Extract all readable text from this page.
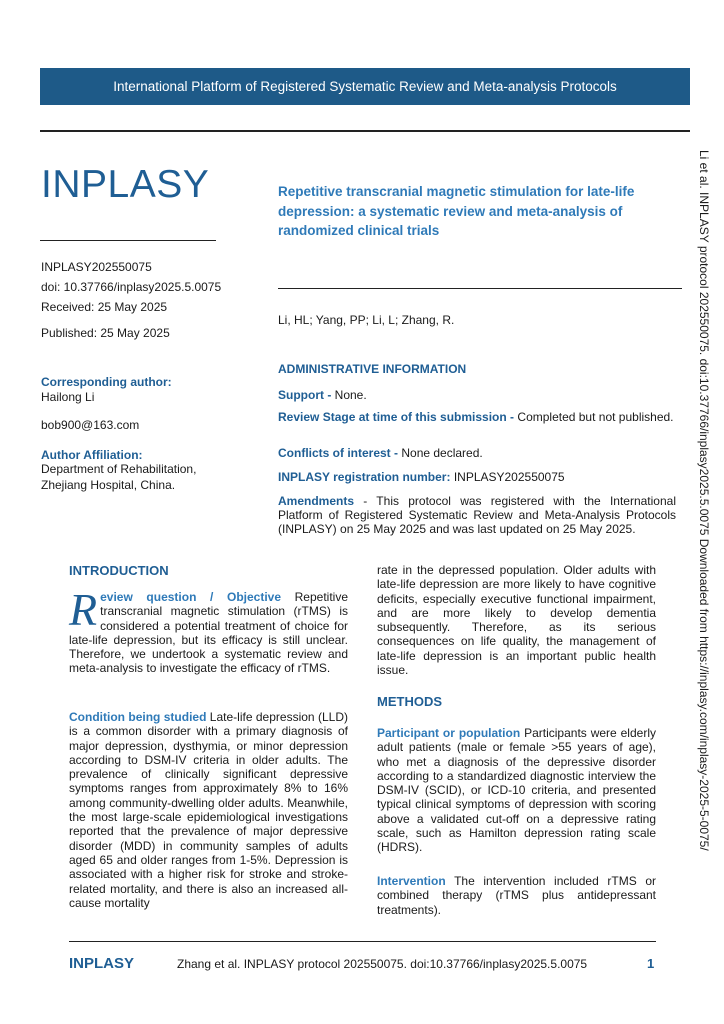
International Platform of Registered Systematic Review and Meta-analysis Protocols
INPLASY
INPLASY202550075
doi: 10.37766/inplasy2025.5.0075
Received: 25 May 2025
Published: 25 May 2025
Corresponding author:
Hailong Li
bob900@163.com
Author Affiliation:
Department of Rehabilitation,
Zhejiang Hospital, China.
Repetitive transcranial magnetic stimulation for late-life depression: a systematic review and meta-analysis of randomized clinical trials
Li, HL; Yang, PP; Li, L; Zhang, R.
ADMINISTRATIVE INFORMATION
Support - None.
Review Stage at time of this submission - Completed but not published.
Conflicts of interest - None declared.
INPLASY registration number: INPLASY202550075
Amendments - This protocol was registered with the International Platform of Registered Systematic Review and Meta-Analysis Protocols (INPLASY) on 25 May 2025 and was last updated on 25 May 2025.
INTRODUCTION

Review question / Objective Repetitive transcranial magnetic stimulation (rTMS) is considered a potential treatment of choice for late-life depression, but its efficacy is still unclear. Therefore, we undertook a systematic review and meta-analysis to investigate the efficacy of rTMS.

Condition being studied Late-life depression (LLD) is a common disorder with a primary diagnosis of major depression, dysthymia, or minor depression according to DSM-IV criteria in older adults. The prevalence of clinically significant depressive symptoms ranges from approximately 8% to 16% among community-dwelling older adults. Meanwhile, the most large-scale epidemiological investigations reported that the prevalence of major depressive disorder (MDD) in community samples of adults aged 65 and older ranges from 1-5%. Depression is associated with a higher risk for stroke and stroke-related mortality, and there is also an increased all-cause mortality

rate in the depressed population. Older adults with late-life depression are more likely to have cognitive deficits, especially executive functional impairment, and are more likely to develop dementia subsequently. Therefore, as its serious consequences on life quality, the management of late-life depression is an important public health issue.

METHODS

Participant or population Participants were elderly adult patients (male or female >55 years of age), who met a diagnosis of the depressive disorder according to a standardized diagnostic interview the DSM-IV (SCID), or ICD-10 criteria, and presented typical clinical symptoms of depression with scoring above a validated cut-off on a depressive rating scale, such as Hamilton depression rating scale (HDRS).

Intervention The intervention included rTMS or combined therapy (rTMS plus antidepressant treatments).

INPLASY	Zhang et al. INPLASY protocol 202550075. doi:10.37766/inplasy2025.5.0075	1
Li et al. INPLASY protocol 202550075. doi:10.37766/inplasy2025.5.0075 Downloaded from https://inplasy.com/inplasy-2025-5-0075/
